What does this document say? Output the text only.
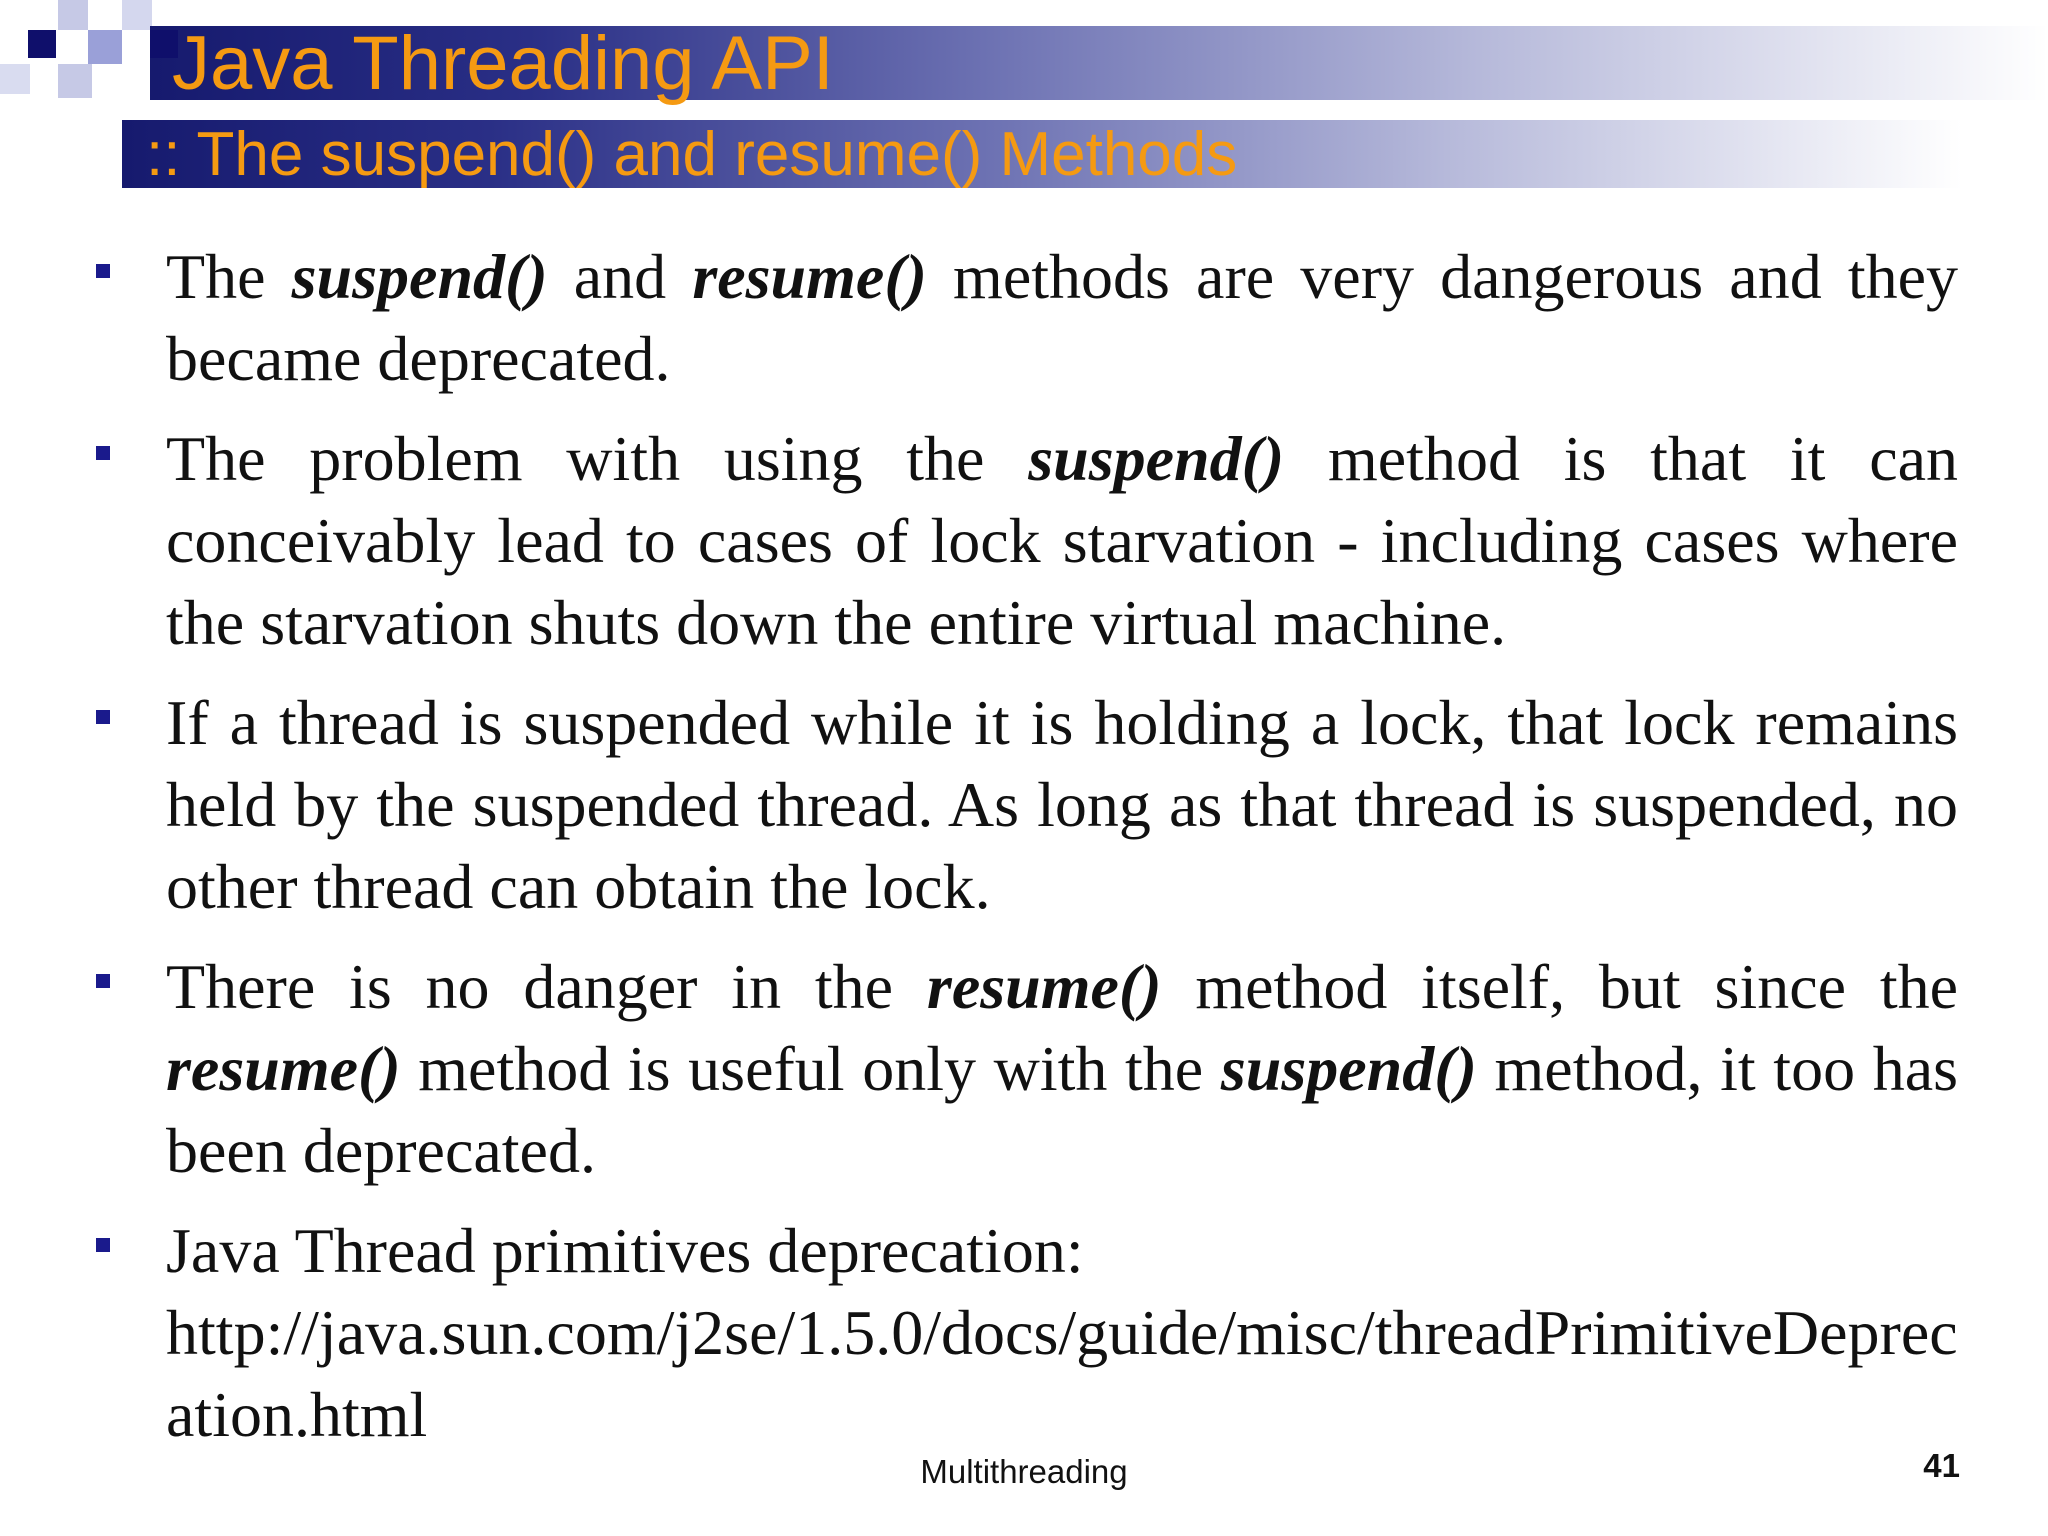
Java Threading API
:: The suspend() and resume() Methods
The suspend() and resume() methods are very dangerous and they became deprecated.
The problem with using the suspend() method is that it can conceivably lead to cases of lock starvation - including cases where the starvation shuts down the entire virtual machine.
If a thread is suspended while it is holding a lock, that lock remains held by the suspended thread. As long as that thread is suspended, no other thread can obtain the lock.
There is no danger in the resume() method itself, but since the resume() method is useful only with the suspend() method, it too has been deprecated.
Java Thread primitives deprecation:
http://java.sun.com/j2se/1.5.0/docs/guide/misc/threadPrimitiveDeprecation.html
Multithreading	41
